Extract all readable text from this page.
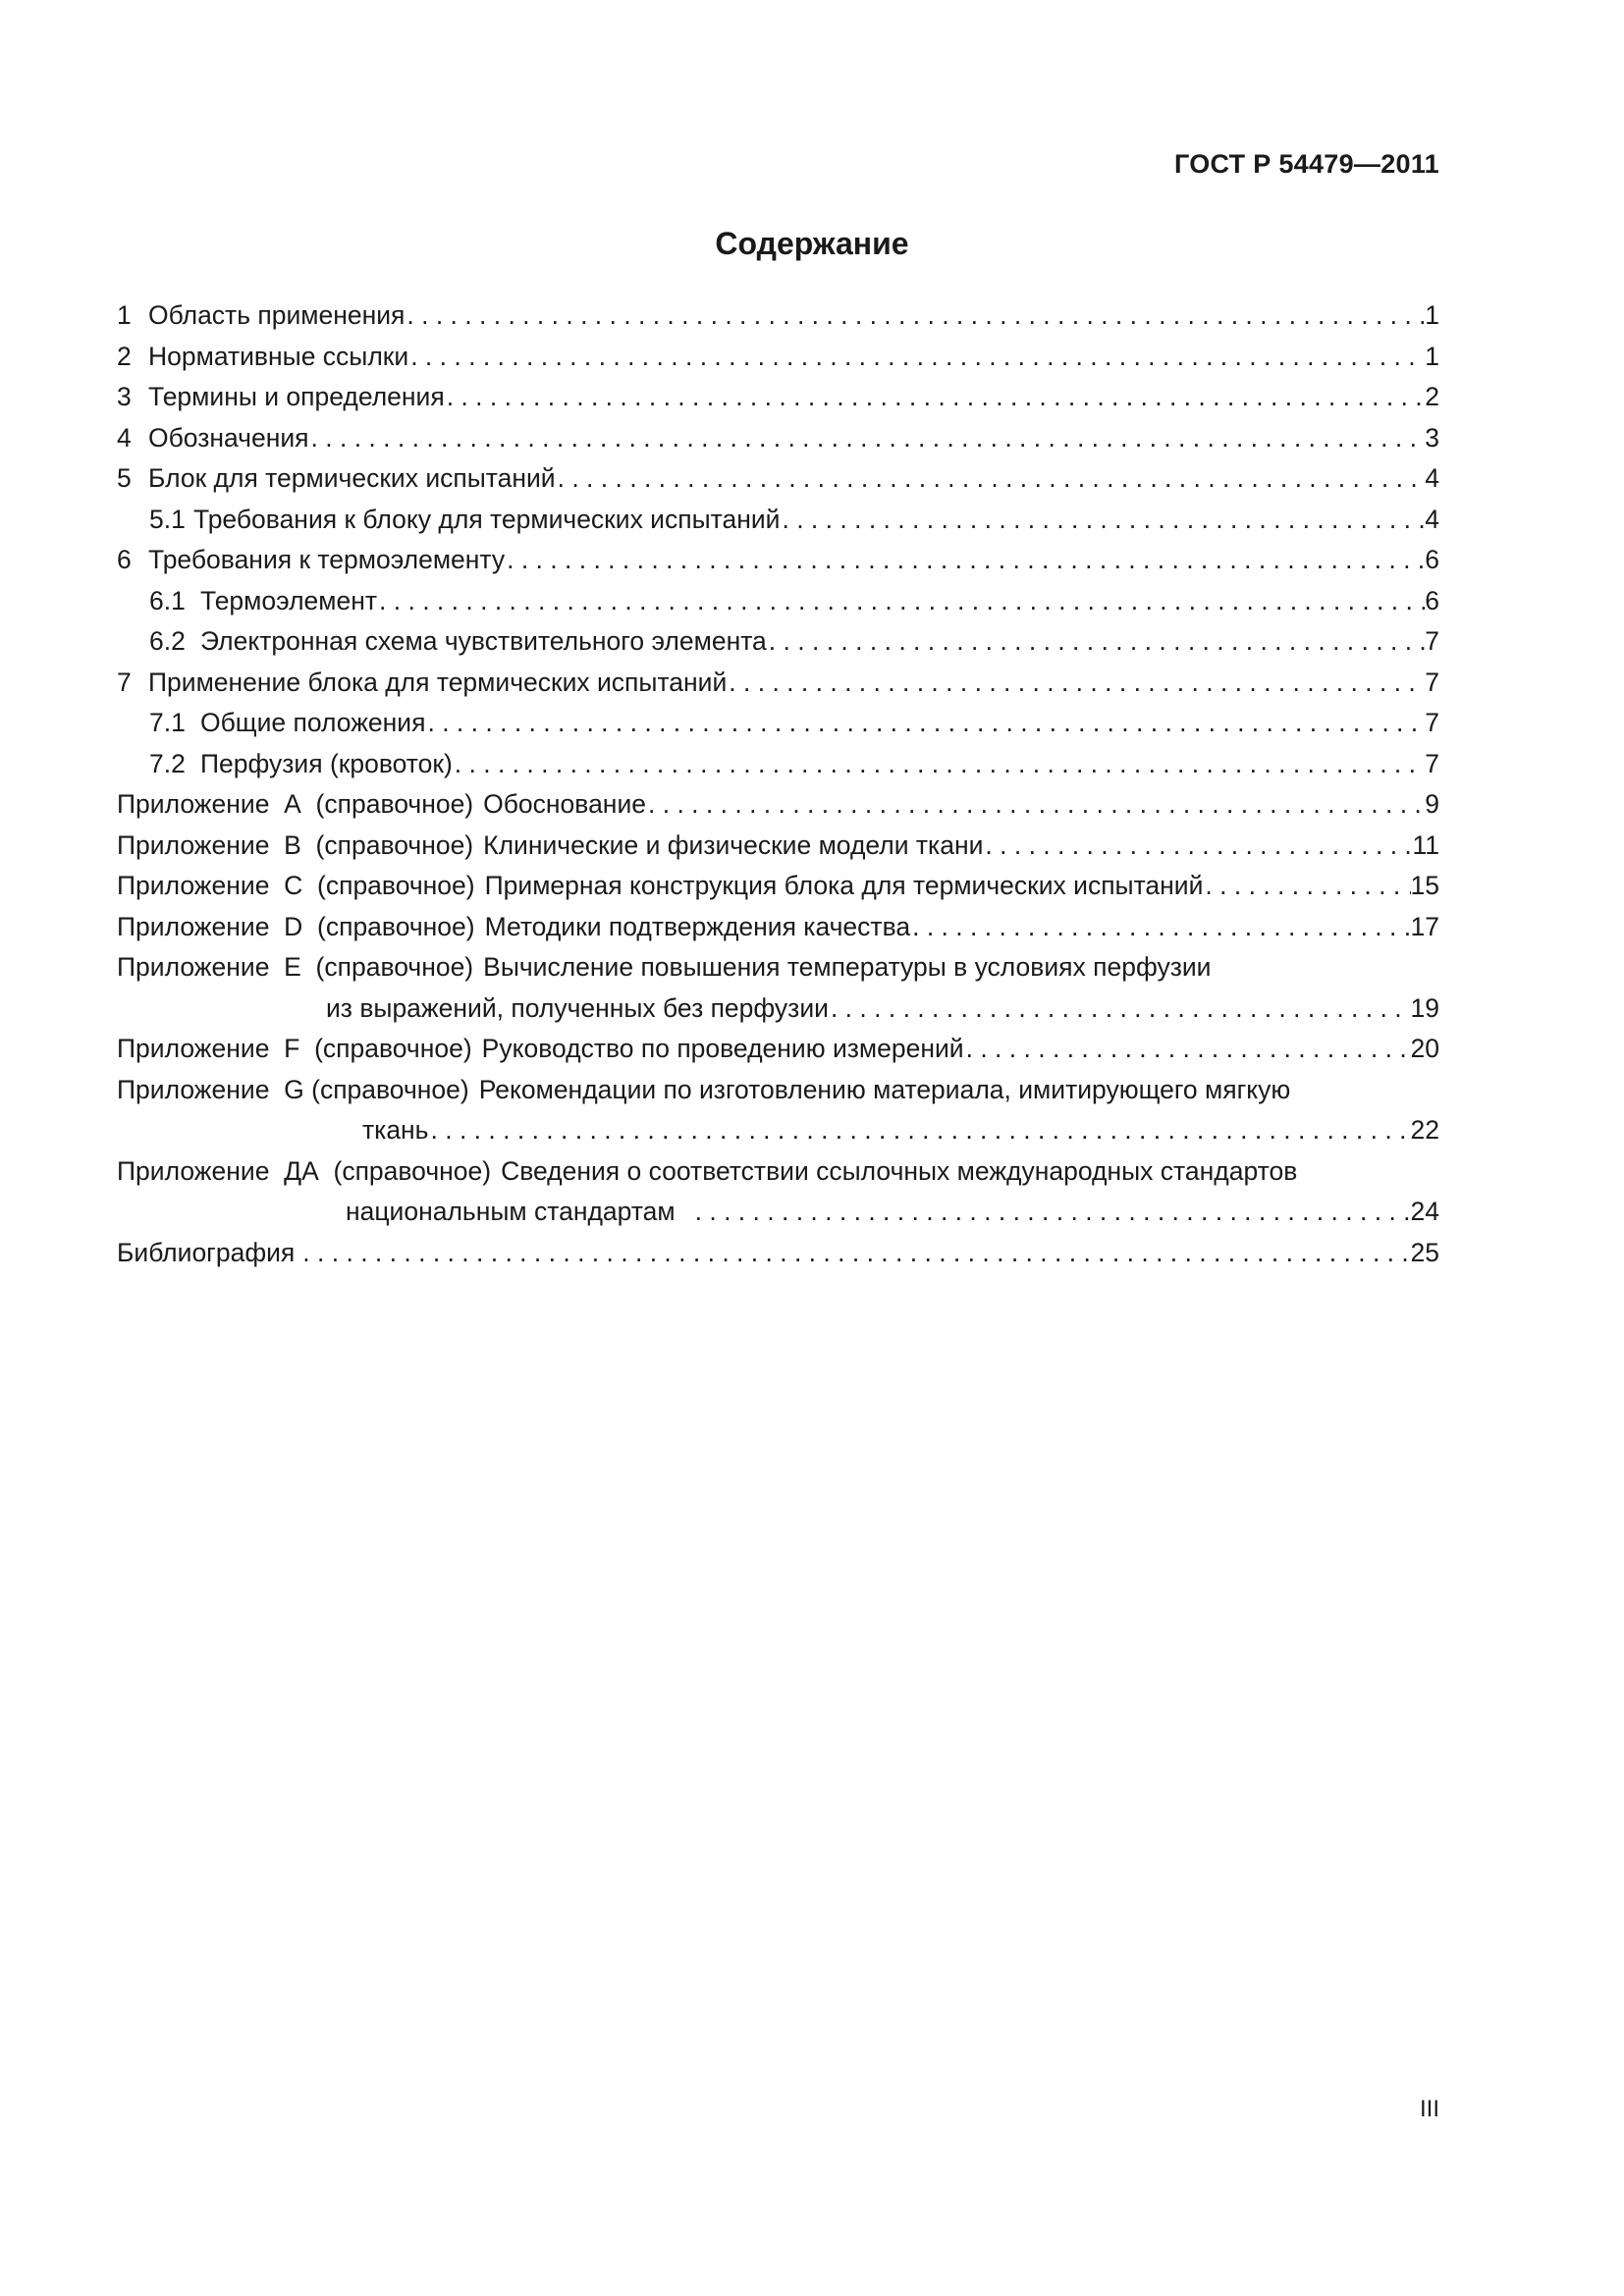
ГОСТ Р 54479—2011
Содержание
1 Область применения . . .	1
2 Нормативные ссылки . . .	1
3 Термины и определения . . .	2
4 Обозначения . . .	3
5 Блок для термических испытаний . . .	4
5.1 Требования к блоку для термических испытаний . . .	4
6 Требования к термоэлементу . . .	6
6.1 Термоэлемент . . .	6
6.2 Электронная схема чувствительного элемента . . .	7
7 Применение блока для термических испытаний . . .	7
7.1 Общие положения . . .	7
7.2 Перфузия (кровоток) . . .	7
Приложение  А  (справочное) Обоснование . . .	9
Приложение  В  (справочное) Клинические и физические модели ткани . . .	11
Приложение  С  (справочное) Примерная конструкция блока для термических испытаний . . .	15
Приложение  D  (справочное) Методики подтверждения качества . . .	17
Приложение  Е  (справочное) Вычисление повышения температуры в условиях перфузии
из выражений, полученных без перфузии . . .	19
Приложение  F  (справочное) Руководство по проведению измерений . . .	20
Приложение  G (справочное) Рекомендации по изготовлению материала, имитирующего мягкую
ткань . . .	22
Приложение  ДА  (справочное) Сведения о соответствии ссылочных международных стандартов
национальным стандартам . . .	24
Библиография . . .	25
III
